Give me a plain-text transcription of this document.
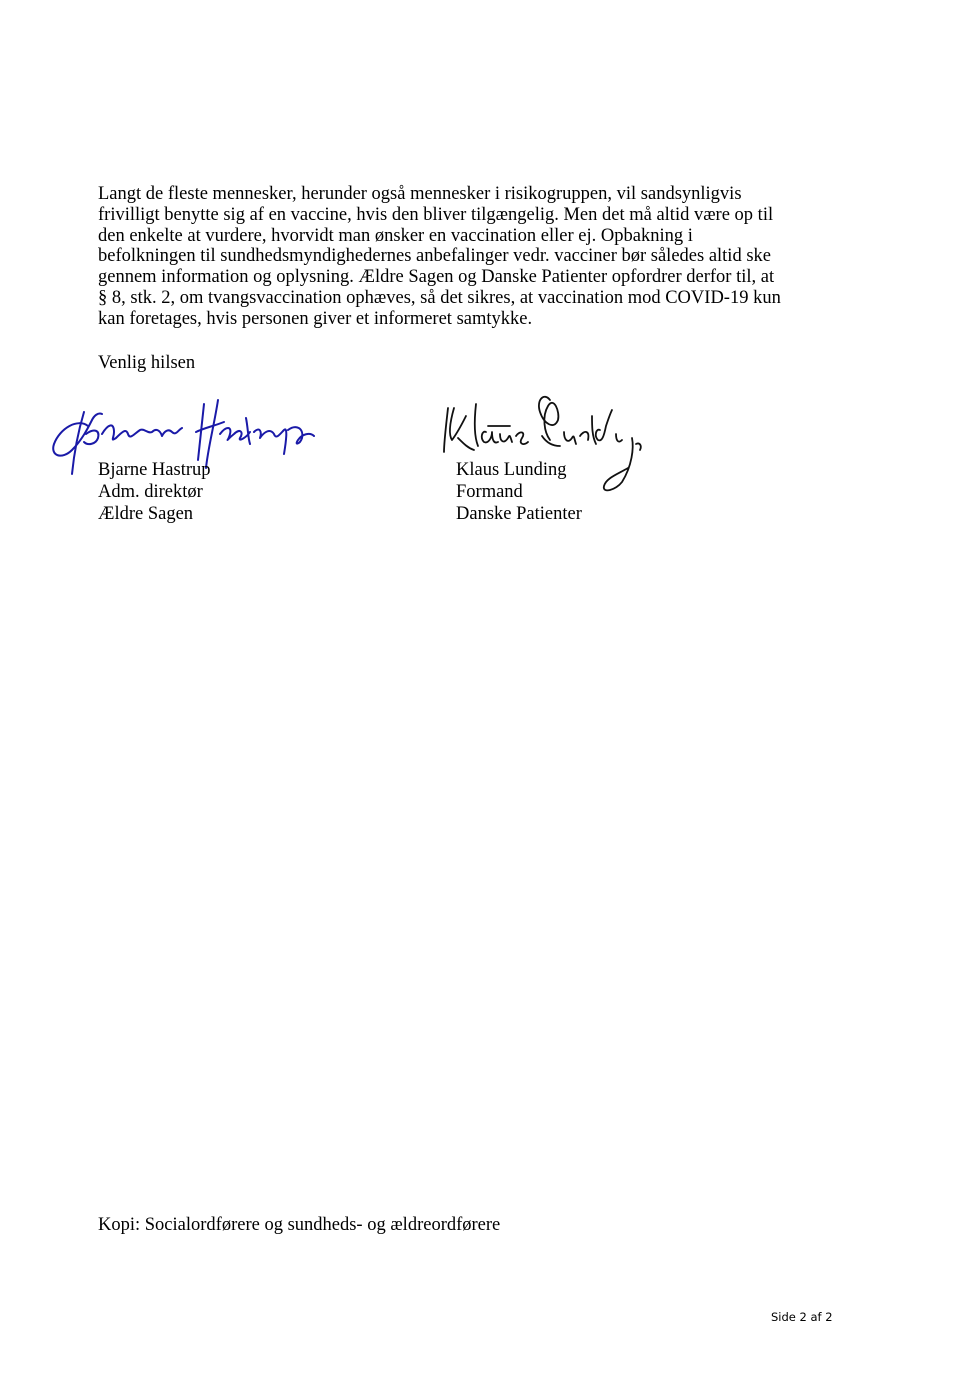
Langt de fleste mennesker, herunder også mennesker i risikogruppen, vil sandsynligvis
frivilligt benytte sig af en vaccine, hvis den bliver tilgængelig. Men det må altid være op til
den enkelte at vurdere, hvorvidt man ønsker en vaccination eller ej. Opbakning i
befolkningen til sundhedsmyndighedernes anbefalinger vedr. vacciner bør således altid ske
gennem information og oplysning. Ældre Sagen og Danske Patienter opfordrer derfor til, at
§ 8, stk. 2, om tvangsvaccination ophæves, så det sikres, at vaccination mod COVID-19 kun
kan foretages, hvis personen giver et informeret samtykke.
Venlig hilsen
Bjarne Hastrup
Adm. direktør
Ældre Sagen
Klaus Lunding
Formand
Danske Patienter
Kopi: Socialordførere og sundheds- og ældreordførere
Side 2 af 2
